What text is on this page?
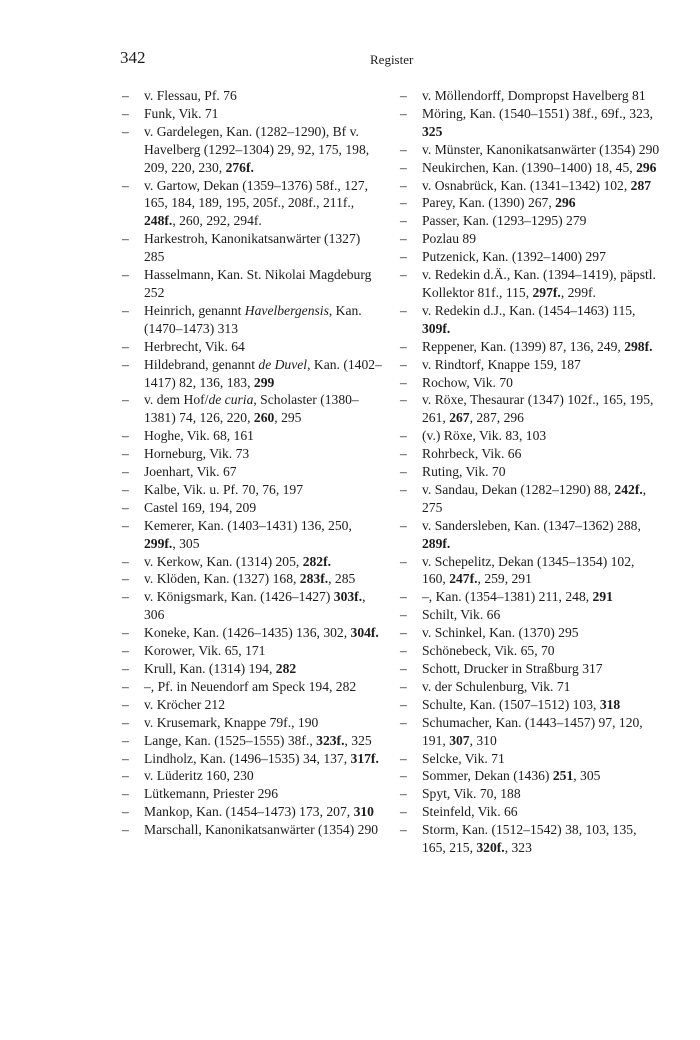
342	Register

– v. Flessau, Pf. 76

– Funk, Vik. 71

– v. Gardelegen, Kan. (1282–1290), Bf v. Havelberg (1292–1304) 29, 92, 175, 198, 209, 220, 230, 276f.

– v. Gartow, Dekan (1359–1376) 58f., 127, 165, 184, 189, 195, 205f., 208f., 211f., 248f., 260, 292, 294f.

– Harkestroh, Kanonikatsanwärter (1327) 285

– Hasselmann, Kan. St. Nikolai Magdeburg 252

– Heinrich, genannt Havelbergensis, Kan. (1470–1473) 313

– Herbrecht, Vik. 64

– Hildebrand, genannt de Duvel, Kan. (1402–1417) 82, 136, 183, 299

– v. dem Hof/de curia, Scholaster (1380–1381) 74, 126, 220, 260, 295

– Hoghe, Vik. 68, 161

– Horneburg, Vik. 73

– Joenhart, Vik. 67

– Kalbe, Vik. u. Pf. 70, 76, 197

– Castel 169, 194, 209

– Kemerer, Kan. (1403–1431) 136, 250, 299f., 305

– v. Kerkow, Kan. (1314) 205, 282f.

– v. Klöden, Kan. (1327) 168, 283f., 285

– v. Königsmark, Kan. (1426–1427) 303f., 306

– Koneke, Kan. (1426–1435) 136, 302, 304f.

– Korower, Vik. 65, 171

– Krull, Kan. (1314) 194, 282

– –, Pf. in Neuendorf am Speck 194, 282

– v. Kröcher 212

– v. Krusemark, Knappe 79f., 190

– Lange, Kan. (1525–1555) 38f., 323f., 325

– Lindholz, Kan. (1496–1535) 34, 137, 317f.

– v. Lüderitz 160, 230

– Lütkemann, Priester 296

– Mankop, Kan. (1454–1473) 173, 207, 310

– Marschall, Kanonikatsanwärter (1354) 290

– v. Möllendorff, Dompropst Havelberg 81

– Möring, Kan. (1540–1551) 38f., 69f., 323, 325

– v. Münster, Kanonikatsanwärter (1354) 290

– Neukirchen, Kan. (1390–1400) 18, 45, 296

– v. Osnabrück, Kan. (1341–1342) 102, 287

– Parey, Kan. (1390) 267, 296

– Passer, Kan. (1293–1295) 279

– Pozlau 89

– Putzenick, Kan. (1392–1400) 297

– v. Redekin d.Ä., Kan. (1394–1419), päpstl. Kollektor 81f., 115, 297f., 299f.

– v. Redekin d.J., Kan. (1454–1463) 115, 309f.

– Reppener, Kan. (1399) 87, 136, 249, 298f.

– v. Rindtorf, Knappe 159, 187

– Rochow, Vik. 70

– v. Röxe, Thesaurar (1347) 102f., 165, 195, 261, 267, 287, 296

– (v.) Röxe, Vik. 83, 103

– Rohrbeck, Vik. 66

– Ruting, Vik. 70

– v. Sandau, Dekan (1282–1290) 88, 242f., 275

– v. Sandersleben, Kan. (1347–1362) 288, 289f.

– v. Schepelitz, Dekan (1345–1354) 102, 160, 247f., 259, 291

– –, Kan. (1354–1381) 211, 248, 291

– Schilt, Vik. 66

– v. Schinkel, Kan. (1370) 295

– Schönebeck, Vik. 65, 70

– Schott, Drucker in Straßburg 317

– v. der Schulenburg, Vik. 71

– Schulte, Kan. (1507–1512) 103, 318

– Schumacher, Kan. (1443–1457) 97, 120, 191, 307, 310

– Selcke, Vik. 71

– Sommer, Dekan (1436) 251, 305

– Spyt, Vik. 70, 188

– Steinfeld, Vik. 66

– Storm, Kan. (1512–1542) 38, 103, 135, 165, 215, 320f., 323
